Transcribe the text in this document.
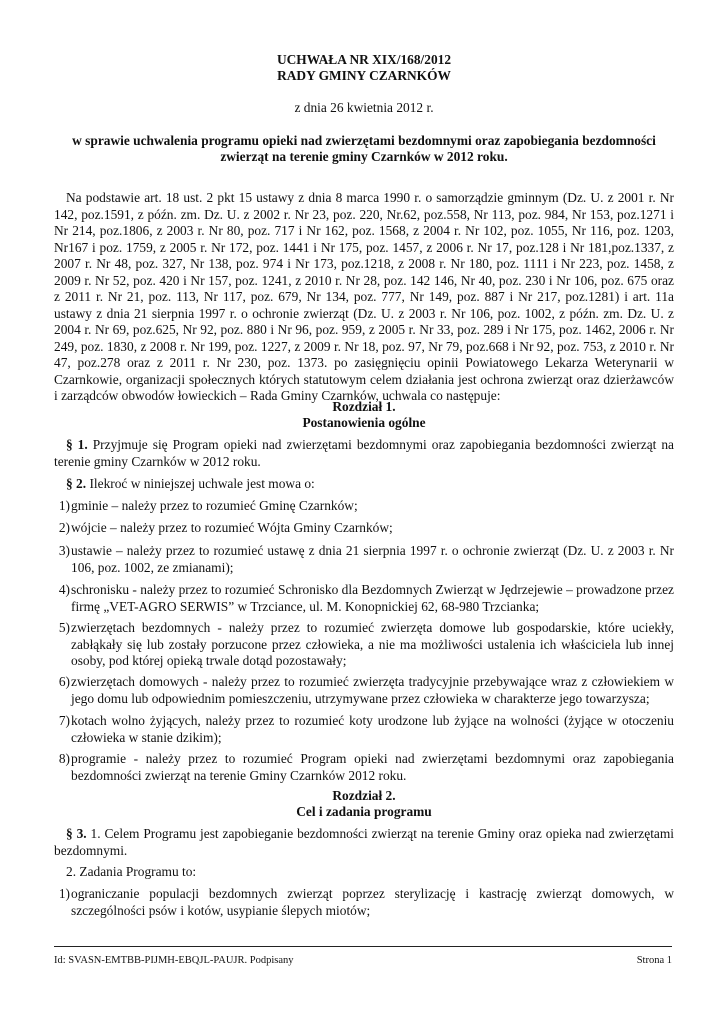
UCHWAŁA NR XIX/168/2012
RADY GMINY CZARNKÓW
z dnia 26 kwietnia 2012 r.
w sprawie uchwalenia programu opieki nad zwierzętami bezdomnymi oraz zapobiegania bezdomności
zwierząt na terenie gminy Czarnków w 2012 roku.
Na podstawie art. 18 ust. 2 pkt 15 ustawy z dnia 8 marca 1990 r. o samorządzie gminnym (Dz. U. z 2001 r. Nr 142, poz.1591, z późn. zm. Dz. U. z 2002 r. Nr 23, poz. 220, Nr.62, poz.558, Nr 113, poz. 984, Nr 153, poz.1271 i Nr 214, poz.1806, z 2003 r. Nr 80, poz. 717 i Nr 162, poz. 1568, z 2004 r. Nr 102, poz. 1055, Nr 116, poz. 1203, Nr167 i poz. 1759, z 2005 r. Nr 172, poz. 1441 i Nr 175, poz. 1457, z 2006 r. Nr 17, poz.128 i Nr 181,poz.1337, z 2007 r. Nr 48, poz. 327, Nr 138, poz. 974 i Nr 173, poz.1218, z 2008 r. Nr 180, poz. 1111 i Nr 223, poz. 1458, z 2009 r. Nr 52, poz. 420 i Nr 157, poz. 1241, z 2010 r. Nr 28, poz. 142 146, Nr 40, poz. 230 i Nr 106, poz. 675 oraz z 2011 r. Nr 21, poz. 113, Nr 117, poz. 679, Nr 134, poz. 777, Nr 149, poz. 887 i Nr 217, poz.1281) i art. 11a ustawy z dnia 21 sierpnia 1997 r. o ochronie zwierząt (Dz. U. z 2003 r. Nr 106, poz. 1002, z późn. zm. Dz. U. z 2004 r. Nr 69, poz.625, Nr 92, poz. 880 i Nr 96, poz. 959, z 2005 r. Nr 33, poz. 289 i Nr 175, poz. 1462, 2006 r. Nr 249, poz. 1830, z 2008 r. Nr 199, poz. 1227, z 2009 r. Nr 18, poz. 97, Nr 79, poz.668 i Nr 92, poz. 753, z 2010 r. Nr 47, poz.278 oraz z 2011 r. Nr 230, poz. 1373. po zasięgnięciu opinii Powiatowego Lekarza Weterynarii w Czarnkowie, organizacji społecznych których statutowym celem działania jest ochrona zwierząt oraz dzierżawców i zarządców obwodów łowieckich – Rada Gminy Czarnków, uchwala co następuje:
Rozdział 1.
Postanowienia ogólne
§ 1. Przyjmuje się Program opieki nad zwierzętami bezdomnymi oraz zapobiegania bezdomności zwierząt na terenie gminy Czarnków w 2012 roku.
§ 2. Ilekroć w niniejszej uchwale jest mowa o:
1) gminie – należy przez to rozumieć Gminę Czarnków;
2) wójcie – należy przez to rozumieć Wójta Gminy Czarnków;
3) ustawie – należy przez to rozumieć ustawę z dnia 21 sierpnia 1997 r. o ochronie zwierząt (Dz. U. z 2003 r. Nr 106, poz. 1002, ze zmianami);
4) schronisku - należy przez to rozumieć Schronisko dla Bezdomnych Zwierząt w Jędrzejewie – prowadzone przez firmę „VET-AGRO SERWIS” w Trzciance, ul. M. Konopnickiej 62, 68-980 Trzcianka;
5) zwierzętach bezdomnych - należy przez to rozumieć zwierzęta domowe lub gospodarskie, które uciekły, zabłąkały się lub zostały porzucone przez człowieka, a nie ma możliwości ustalenia ich właściciela lub innej osoby, pod której opieką trwale dotąd pozostawały;
6) zwierzętach domowych - należy przez to rozumieć zwierzęta tradycyjnie przebywające wraz z człowiekiem w jego domu lub odpowiednim pomieszczeniu, utrzymywane przez człowieka w charakterze jego towarzysza;
7) kotach wolno żyjących, należy przez to rozumieć koty urodzone lub żyjące na wolności (żyjące w otoczeniu człowieka w stanie dzikim);
8) programie - należy przez to rozumieć Program opieki nad zwierzętami bezdomnymi oraz zapobiegania bezdomności zwierząt na terenie Gminy Czarnków 2012 roku.
Rozdział 2.
Cel i zadania programu
§ 3. 1. Celem Programu jest zapobieganie bezdomności zwierząt na terenie Gminy oraz opieka nad zwierzętami bezdomnymi.
2. Zadania Programu to:
1) ograniczanie populacji bezdomnych zwierząt poprzez sterylizację i kastrację zwierząt domowych, w szczególności psów i kotów, usypianie ślepych miotów;
Id: SVASN-EMTBB-PIJMH-EBQJL-PAUJR. Podpisany	Strona 1
